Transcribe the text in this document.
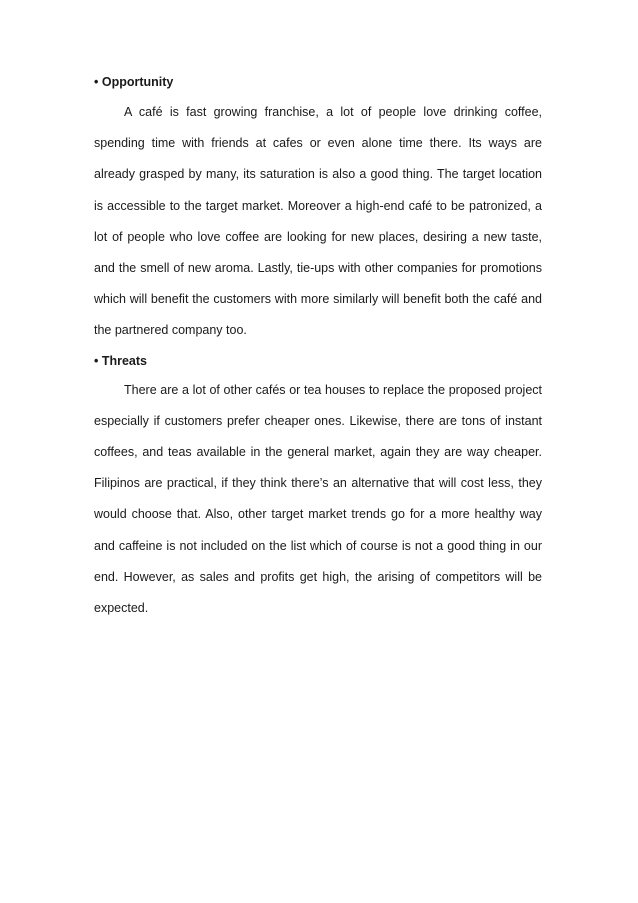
• Opportunity

A café is fast growing franchise, a lot of people love drinking coffee, spending time with friends at cafes or even alone time there. Its ways are already grasped by many, its saturation is also a good thing. The target location is accessible to the target market. Moreover a high-end café to be patronized, a lot of people who love coffee are looking for new places, desiring a new taste, and the smell of new aroma. Lastly, tie-ups with other companies for promotions which will benefit the customers with more similarly will benefit both the café and the partnered company too.

• Threats

There are a lot of other cafés or tea houses to replace the proposed project especially if customers prefer cheaper ones. Likewise, there are tons of instant coffees, and teas available in the general market, again they are way cheaper. Filipinos are practical, if they think there’s an alternative that will cost less, they would choose that. Also, other target market trends go for a more healthy way and caffeine is not included on the list which of course is not a good thing in our end. However, as sales and profits get high, the arising of competitors will be expected.
